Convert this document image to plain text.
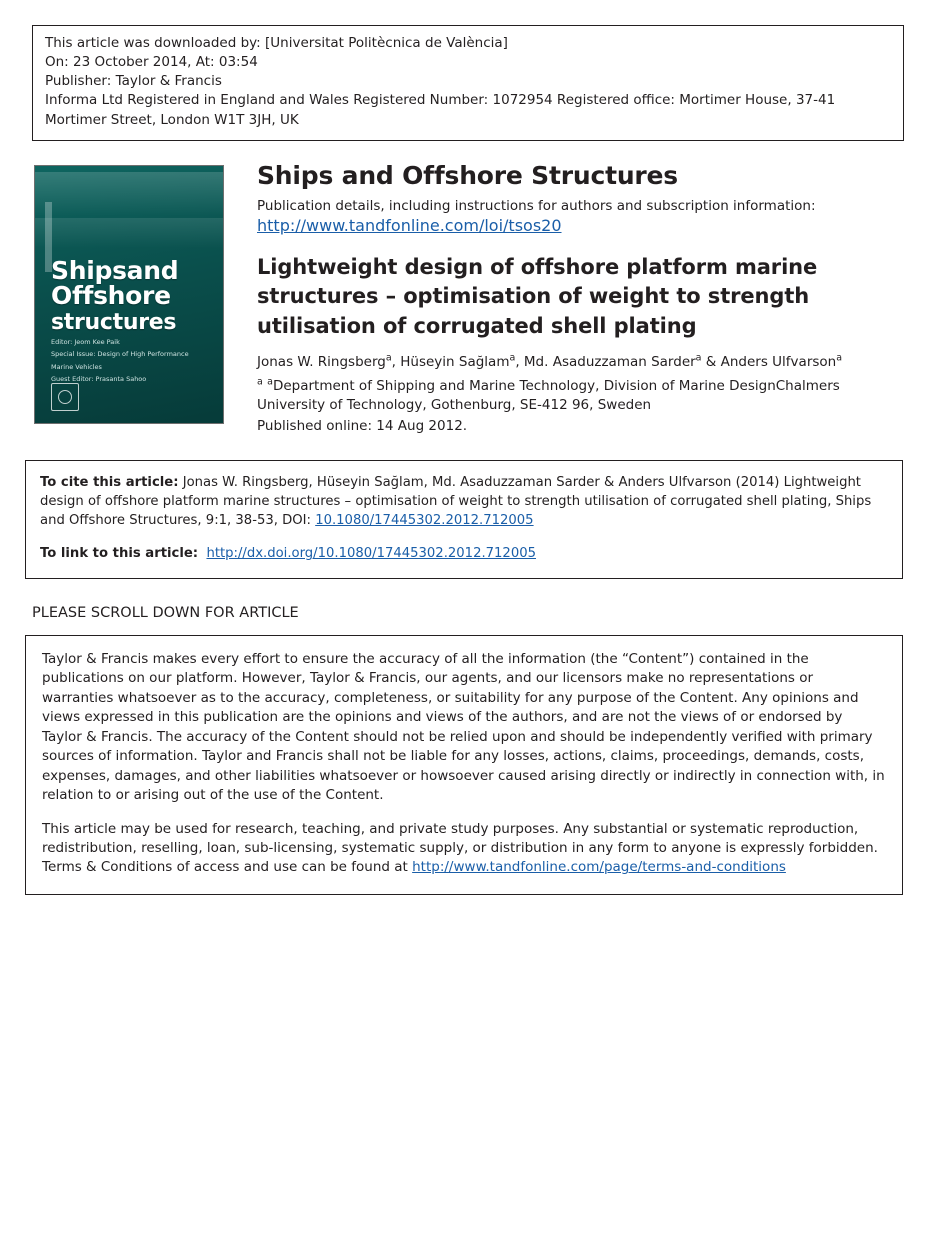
This article was downloaded by: [Universitat Politècnica de València]
On: 23 October 2014, At: 03:54
Publisher: Taylor & Francis
Informa Ltd Registered in England and Wales Registered Number: 1072954 Registered office: Mortimer House, 37-41 Mortimer Street, London W1T 3JH, UK
Shipsand
Offshore
structures
Editor: Jeom Kee Paik
Special Issue: Design of High Performance Marine Vehicles
Guest Editor: Prasanta Sahoo
Ships and Offshore Structures
Publication details, including instructions for authors and subscription information:
http://www.tandfonline.com/loi/tsos20
Lightweight design of offshore platform marine structures – optimisation of weight to strength utilisation of corrugated shell plating
Jonas W. Ringsberg$^a$, Hüseyin Sağlam$^a$, Md. Asaduzzaman Sarder$^a$ & Anders Ulfvarson$^a$
$^a$ $^a$Department of Shipping and Marine Technology, Division of Marine DesignChalmers University of Technology, Gothenburg, SE-412 96, Sweden
Published online: 14 Aug 2012.
To cite this article: Jonas W. Ringsberg, Hüseyin Sağlam, Md. Asaduzzaman Sarder & Anders Ulfvarson (2014) Lightweight design of offshore platform marine structures – optimisation of weight to strength utilisation of corrugated shell plating, Ships and Offshore Structures, 9:1, 38-53, DOI: 10.1080/17445302.2012.712005
To link to this article: http://dx.doi.org/10.1080/17445302.2012.712005
PLEASE SCROLL DOWN FOR ARTICLE

Taylor & Francis makes every effort to ensure the accuracy of all the information (the “Content”) contained in the publications on our platform. However, Taylor & Francis, our agents, and our licensors make no representations or warranties whatsoever as to the accuracy, completeness, or suitability for any purpose of the Content. Any opinions and views expressed in this publication are the opinions and views of the authors, and are not the views of or endorsed by Taylor & Francis. The accuracy of the Content should not be relied upon and should be independently verified with primary sources of information. Taylor and Francis shall not be liable for any losses, actions, claims, proceedings, demands, costs, expenses, damages, and other liabilities whatsoever or howsoever caused arising directly or indirectly in connection with, in relation to or arising out of the use of the Content.

This article may be used for research, teaching, and private study purposes. Any substantial or systematic reproduction, redistribution, reselling, loan, sub-licensing, systematic supply, or distribution in any form to anyone is expressly forbidden. Terms & Conditions of access and use can be found at http://www.tandfonline.com/page/terms-and-conditions
